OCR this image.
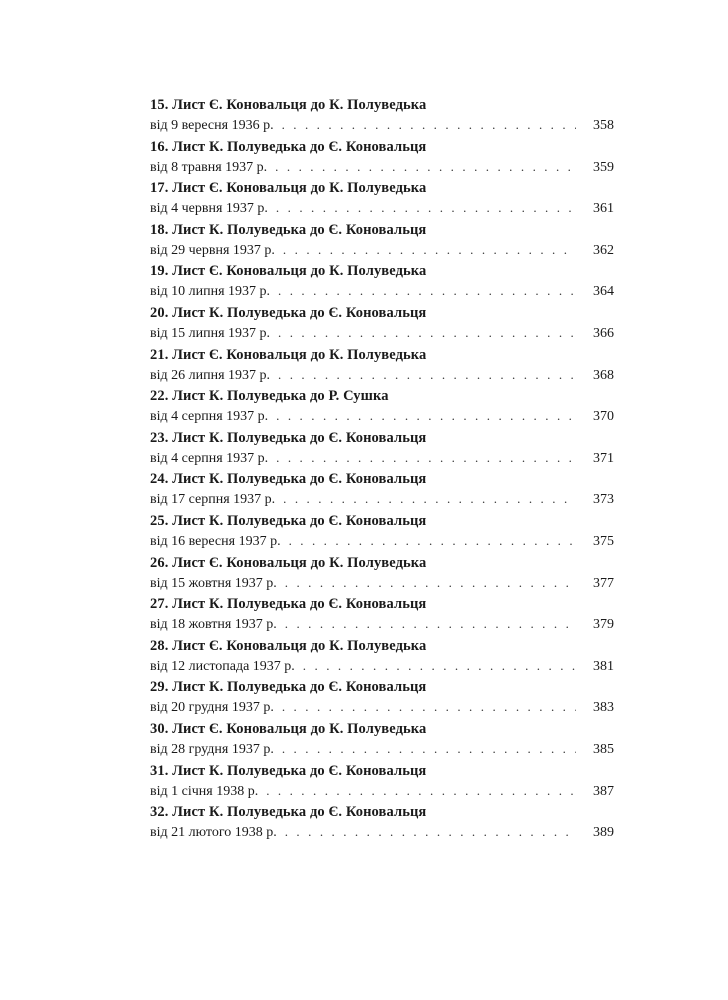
15. Лист Є. Коновальця до К. Полуведька
від 9 вересня 1936 р. . . .	358
16. Лист К. Полуведька до Є. Коновальця
від 8 травня 1937 р. . . .	359
17. Лист Є. Коновальця до К. Полуведька
від 4 червня 1937 р. . . .	361
18. Лист К. Полуведька до Є. Коновальця
від 29 червня 1937 р. . . .	362
19. Лист Є. Коновальця до К. Полуведька
від 10 липня 1937 р. . . .	364
20. Лист К. Полуведька до Є. Коновальця
від 15 липня 1937 р. . . .	366
21. Лист Є. Коновальця до К. Полуведька
від 26 липня 1937 р. . . .	368
22. Лист К. Полуведька до Р. Сушка
від 4 серпня 1937 р. . . .	370
23. Лист К. Полуведька до Є. Коновальця
від 4 серпня 1937 р. . . .	371
24. Лист К. Полуведька до Є. Коновальця
від 17 серпня 1937 р. . . .	373
25. Лист К. Полуведька до Є. Коновальця
від 16 вересня 1937 р. . . .	375
26. Лист Є. Коновальця до К. Полуведька
від 15 жовтня 1937 р. . . .	377
27. Лист К. Полуведька до Є. Коновальця
від 18 жовтня 1937 р. . . .	379
28. Лист Є. Коновальця до К. Полуведька
від 12 листопада 1937 р. . . .	381
29. Лист К. Полуведька до Є. Коновальця
від 20 грудня 1937 р. . . .	383
30. Лист Є. Коновальця до К. Полуведька
від 28 грудня 1937 р. . . .	385
31. Лист К. Полуведька до Є. Коновальця
від 1 січня 1938 р. . . .	387
32. Лист К. Полуведька до Є. Коновальця
від 21 лютого 1938 р. . . .	389
